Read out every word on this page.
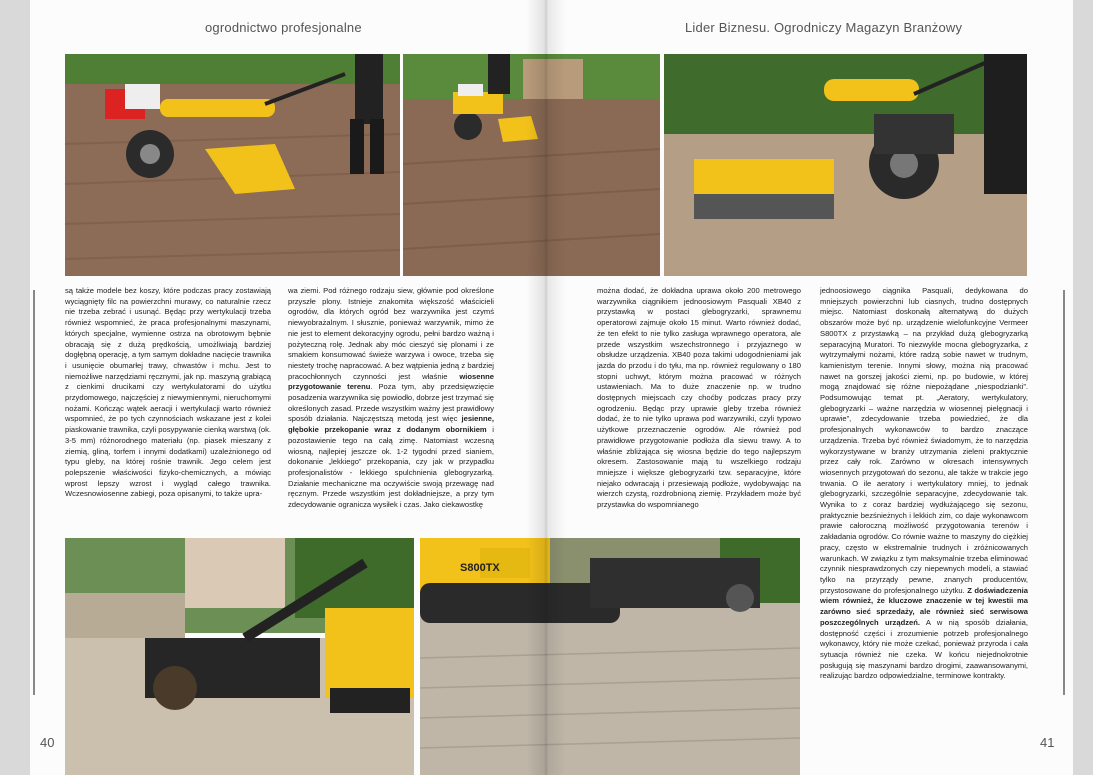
ogrodnictwo profesjonalne	Lider Biznesu. Ogrodniczy Magazyn Branżowy

są także modele bez koszy, które podczas pracy zostawiają wyciągnięty filc na powierzchni murawy, co naturalnie rzecz nie trzeba zebrać i usunąć. Będąc przy wertykulacji trzeba również wspomnieć, że praca profesjonalnymi maszynami, których specjalne, wymienne ostrza na obrotowym bębnie obracają się z dużą prędkością, umożliwiają bardziej dogłębną operację, a tym samym dokładne nacięcie trawnika i usunięcie obumarłej trawy, chwastów i mchu. Jest to niemożliwe narzędziami ręcznymi, jak np. maszyną grabiącą z cienkimi drucikami czy wertykulatorami do użytku przydomowego, najczęściej z niewymiennymi, nieruchomymi nożami. Kończąc wątek aeracji i wertykulacji warto również wspomnieć, że po tych czynnościach wskazane jest z kolei piaskowanie trawnika, czyli posypywanie cienką warstwą (ok. 3-5 mm) różnorodnego materiału (np. piasek mieszany z ziemią, gliną, torfem i innymi dodatkami) uzależnionego od typu gleby, na której rośnie trawnik. Jego celem jest polepszenie właściwości fizyko-chemicznych, a mówiąc wprost lepszy wzrost i wygląd całego trawnika. Wczesnowiosenne zabiegi, poza opisanymi, to także upra-

wa ziemi. Pod różnego rodzaju siew, głównie pod określone przyszłe plony. Istnieje znakomita większość właścicieli ogrodów, dla których ogród bez warzywnika jest czymś niewyobrażalnym. I słusznie, ponieważ warzywnik, mimo że nie jest to element dekoracyjny ogrodu, pełni bardzo ważną i pożyteczną rolę. Jednak aby móc cieszyć się plonami i ze smakiem konsumować świeże warzywa i owoce, trzeba się niestety trochę napracować. A bez wątpienia jedną z bardziej pracochłonnych czynności jest właśnie wiosenne przygotowanie terenu. Poza tym, aby przedsięwzięcie posadzenia warzywnika się powiodło, dobrze jest trzymać się określonych zasad. Przede wszystkim ważny jest prawidłowy sposób działania. Najczęstszą metodą jest więc jesienne, głębokie przekopanie wraz z dodanym obornikiem i pozostawienie tego na całą zimę. Natomiast wczesną wiosną, najlepiej jeszcze ok. 1-2 tygodni przed sianiem, dokonanie „lekkiego” przekopania, czy jak w przypadku profesjonalistów - lekkiego spulchnienia glebogryzarką. Działanie mechaniczne ma oczywiście swoją przewagę nad ręcznym. Przede wszystkim jest dokładniejsze, a przy tym zdecydowanie ogranicza wysiłek i czas. Jako ciekawostkę

można dodać, że dokładna uprawa około 200 metrowego warzywnika ciągnikiem jednoosiowym Pasquali XB40 z przystawką w postaci glebogryzarki, sprawnemu operatorowi zajmuje około 15 minut. Warto również dodać, że ten efekt to nie tylko zasługa wprawnego operatora, ale przede wszystkim wszechstronnego i przyjaznego w obsłudze urządzenia. XB40 poza takimi udogodnieniami jak jazda do przodu i do tyłu, ma np. również regulowany o 180 stopni uchwyt, którym można pracować w różnych ustawieniach. Ma to duże znaczenie np. w trudno dostępnych miejscach czy choćby podczas pracy przy ogrodzeniu. Będąc przy uprawie gleby trzeba również dodać, że to nie tylko uprawa pod warzywniki, czyli typowo użytkowe przeznaczenie ogrodów. Ale również pod prawidłowe przygotowanie podłoża dla siewu trawy. A to właśnie zbliżająca się wiosna będzie do tego najlepszym okresem. Zastosowanie mają tu wszelkiego rodzaju mniejsze i większe glebogryzarki tzw. separacyjne, które niejako odwracają i przesiewają podłoże, wydobywając na wierzch czystą, rozdrobnioną ziemię. Przykładem może być przystawka do wspomnianego

jednoosiowego ciągnika Pasquali, dedykowana do mniejszych powierzchni lub ciasnych, trudno dostępnych miejsc. Natomiast doskonałą alternatywą do dużych obszarów może być np. urządzenie wielofunkcyjne Vermeer S800TX z przystawką – na przykład dużą glebogryzarką separacyjną Muratori. To niezwykle mocna glebogryzarka, z wytrzymałymi nożami, które radzą sobie nawet w trudnym, kamienistym terenie. Innymi słowy, można nią pracować nawet na gorszej jakości ziemi, np. po budowie, w której mogą znajdować się różne niepożądane „niespodzianki”. Podsumowując temat pt. „Aeratory, wertykulatory, glebogryzarki – ważne narzędzia w wiosennej pielęgnacji i uprawie”, zdecydowanie trzeba powiedzieć, że dla profesjonalnych wykonawców to bardzo znaczące urządzenia. Trzeba być również świadomym, że to narzędzia wykorzystywane w branży utrzymania zieleni praktycznie przez cały rok. Zarówno w okresach intensywnych wiosennych przygotowań do sezonu, ale także w trakcie jego trwania. O ile aeratory i wertykulatory mniej, to jednak glebogryzarki, szczególnie separacyjne, zdecydowanie tak. Wynika to z coraz bardziej wydłużającego się sezonu, praktycznie bezśnieżnych i lekkich zim, co daje wykonawcom prawie całoroczną możliwość przygotowania terenów i zakładania ogrodów. Co równie ważne to maszyny do ciężkiej pracy, często w ekstremalnie trudnych i zróżnicowanych warunkach. W związku z tym maksymalnie trzeba eliminować czynnik niesprawdzonych czy niepewnych modeli, a stawiać tylko na przyrządy pewne, znanych producentów, przystosowane do profesjonalnego użytku. Z doświadczenia wiem również, że kluczowe znaczenie w tej kwestii ma zarówno sieć sprzedaży, ale również sieć serwisowa poszczególnych urządzeń. A w nią sposób działania, dostępność części i zrozumienie potrzeb profesjonalnego wykonawcy, który nie może czekać, ponieważ przyroda i cała sytuacja również nie czeka. W końcu niejednokrotnie posługują się maszynami bardzo drogimi, zaawansowanymi, realizując bardzo odpowiedzialne, terminowe kontrakty.

S800TX
40	41
